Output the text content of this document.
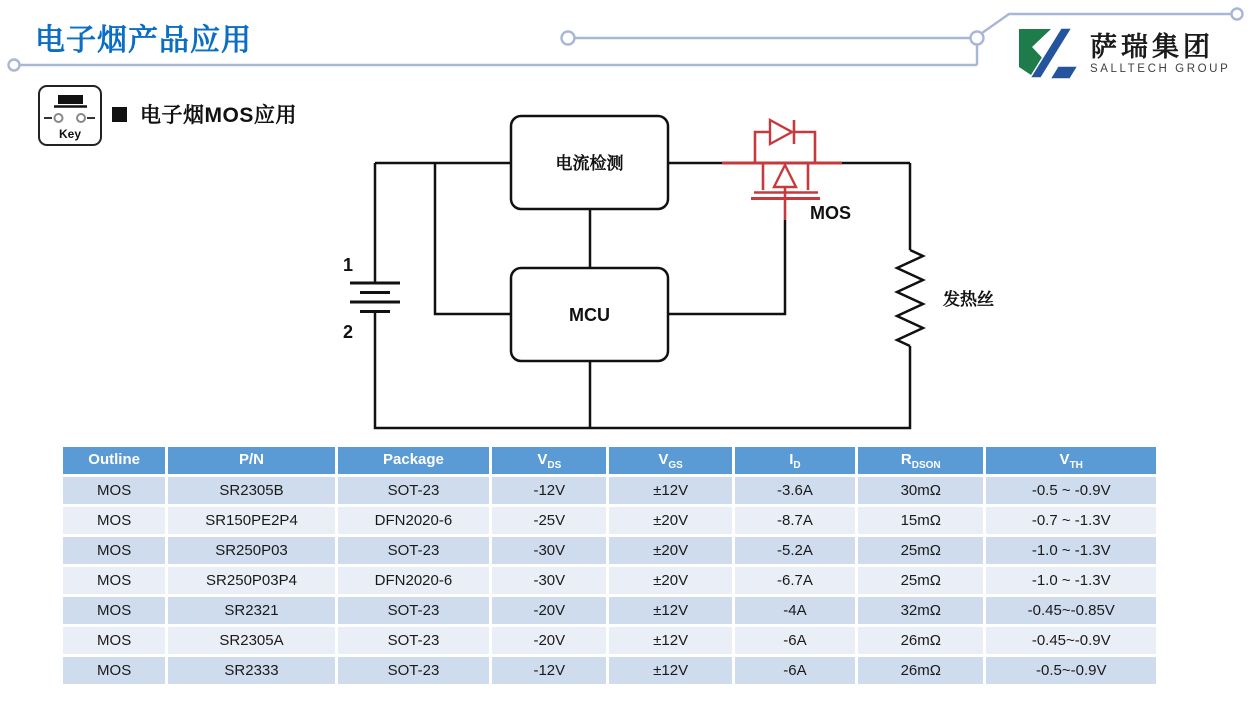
电子烟产品应用	萨瑞集团
SALLTECH GROUP
Key
电子烟MOS应用
电流检测
MCU
MOS
发热丝
1
2
Outline	P/N	Package	$V_{DS}$	$V_{GS}$	$I_D$	$R_{DSON}$	$V_{TH}$
MOS	SR2305B	SOT-23	-12V	±12V	-3.6A	30mΩ	-0.5 ~ -0.9V
MOS	SR150PE2P4	DFN2020-6	-25V	±20V	-8.7A	15mΩ	-0.7 ~ -1.3V
MOS	SR250P03	SOT-23	-30V	±20V	-5.2A	25mΩ	-1.0 ~ -1.3V
MOS	SR250P03P4	DFN2020-6	-30V	±20V	-6.7A	25mΩ	-1.0 ~ -1.3V
MOS	SR2321	SOT-23	-20V	±12V	-4A	32mΩ	-0.45~-0.85V
MOS	SR2305A	SOT-23	-20V	±12V	-6A	26mΩ	-0.45~-0.9V
MOS	SR2333	SOT-23	-12V	±12V	-6A	26mΩ	-0.5~-0.9V
